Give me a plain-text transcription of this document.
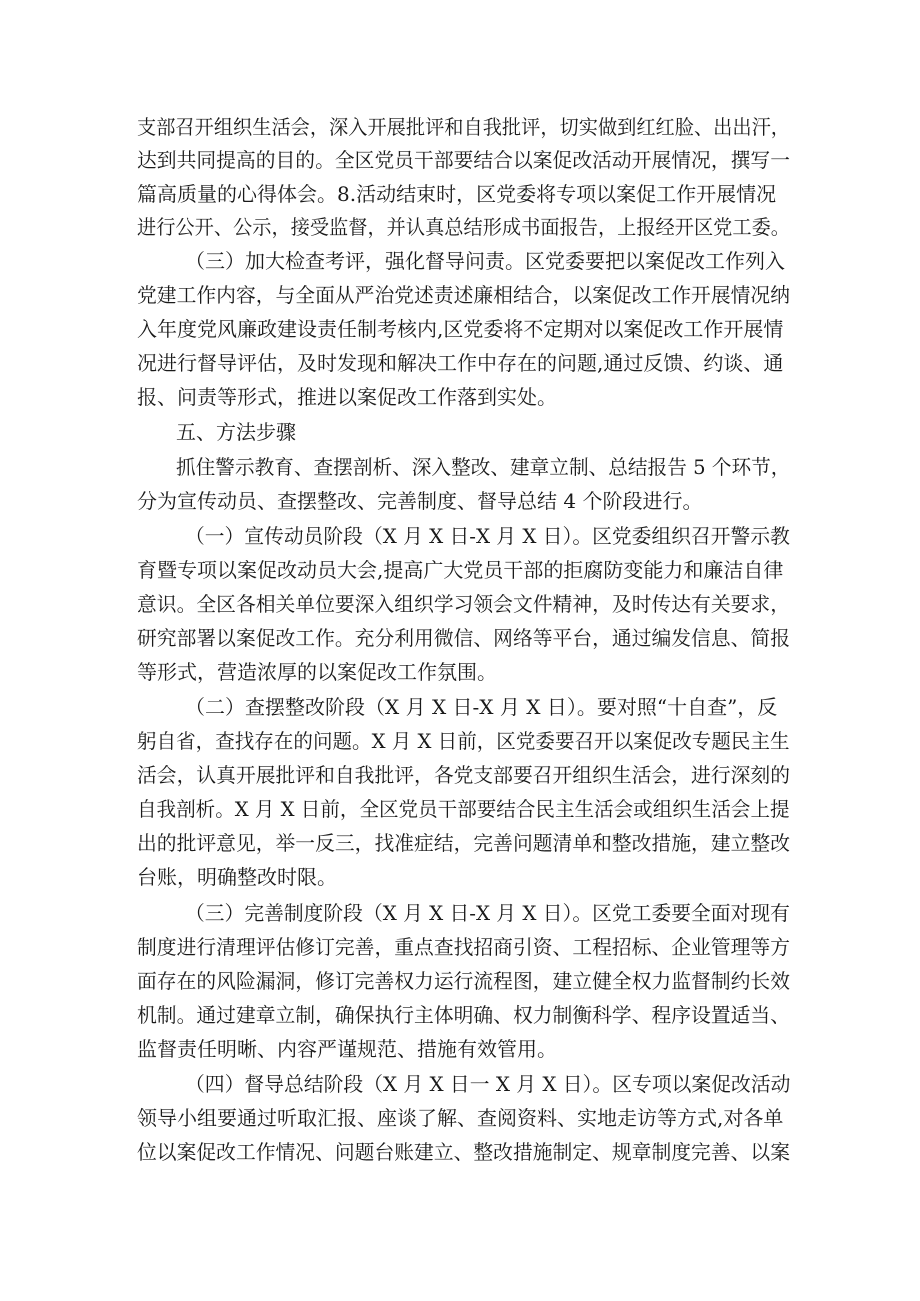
支部召开组织生活会，深入开展批评和自我批评，切实做到红红脸、出出汗，

达到共同提高的目的。全区党员干部要结合以案促改活动开展情况，撰写一

篇高质量的心得体会。8.活动结束时，区党委将专项以案促工作开展情况

进行公开、公示，接受监督，并认真总结形成书面报告，上报经开区党工委。

（三）加大检查考评，强化督导问责。区党委要把以案促改工作列入

党建工作内容，与全面从严治党述责述廉相结合，以案促改工作开展情况纳

入年度党风廉政建设责任制考核内,区党委将不定期对以案促改工作开展情

况进行督导评估，及时发现和解决工作中存在的问题,通过反馈、约谈、通

报、问责等形式，推进以案促改工作落到实处。

五、方法步骤

抓住警示教育、查摆剖析、深入整改、建章立制、总结报告 5 个环节，

分为宣传动员、查摆整改、完善制度、督导总结 4 个阶段进行。

（一）宣传动员阶段（X 月 X 日-X 月 X 日）。区党委组织召开警示教

育暨专项以案促改动员大会,提高广大党员干部的拒腐防变能力和廉洁自律

意识。全区各相关单位要深入组织学习领会文件精神，及时传达有关要求，

研究部署以案促改工作。充分利用微信、网络等平台，通过编发信息、简报

等形式，营造浓厚的以案促改工作氛围。

（二）查摆整改阶段（X 月 X 日-X 月 X 日）。要对照“十自查”，反

躬自省，查找存在的问题。X 月 X 日前，区党委要召开以案促改专题民主生

活会，认真开展批评和自我批评，各党支部要召开组织生活会，进行深刻的

自我剖析。X 月 X 日前，全区党员干部要结合民主生活会或组织生活会上提

出的批评意见，举一反三，找准症结，完善问题清单和整改措施，建立整改

台账，明确整改时限。

（三）完善制度阶段（X 月 X 日-X 月 X 日）。区党工委要全面对现有

制度进行清理评估修订完善，重点查找招商引资、工程招标、企业管理等方

面存在的风险漏洞，修订完善权力运行流程图，建立健全权力监督制约长效

机制。通过建章立制，确保执行主体明确、权力制衡科学、程序设置适当、

监督责任明晰、内容严谨规范、措施有效管用。

（四）督导总结阶段（X 月 X 日一 X 月 X 日）。区专项以案促改活动

领导小组要通过听取汇报、座谈了解、查阅资料、实地走访等方式,对各单

位以案促改工作情况、问题台账建立、整改措施制定、规章制度完善、以案
